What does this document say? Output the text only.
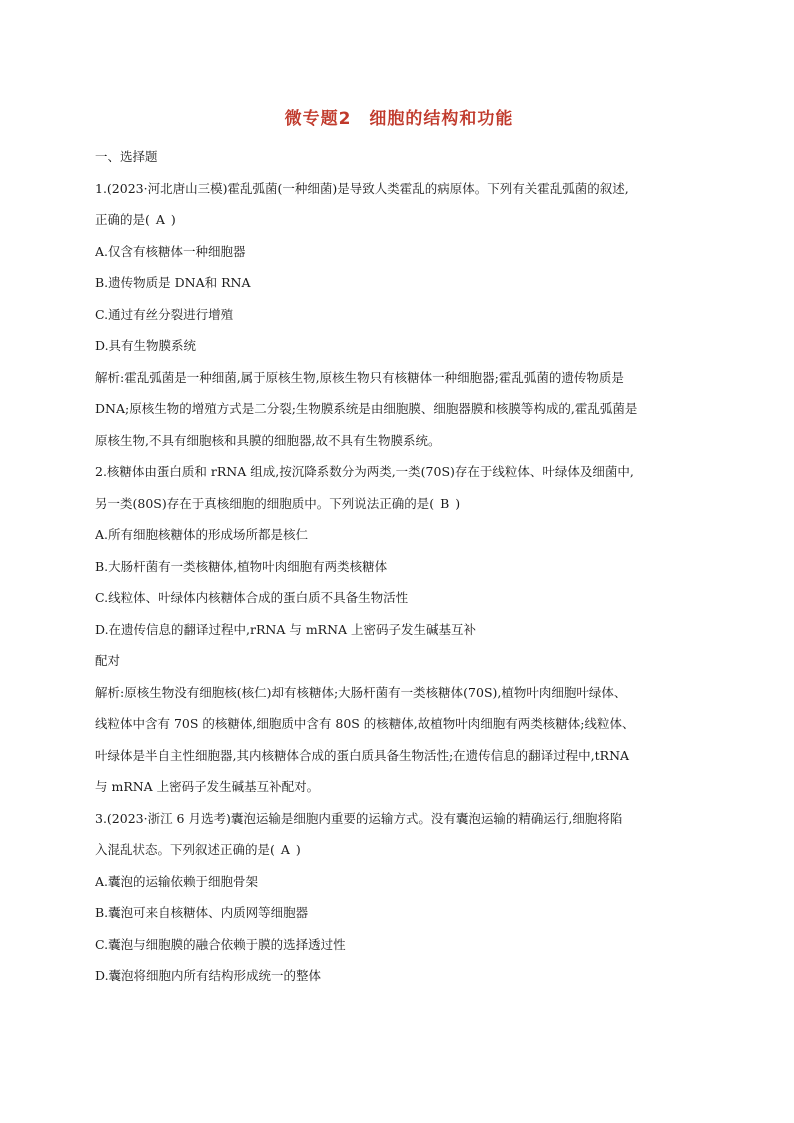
微专题2　细胞的结构和功能

一、选择题

1.(2023·河北唐山三模)霍乱弧菌(一种细菌)是导致人类霍乱的病原体。下列有关霍乱弧菌的叙述,

正确的是( A )

A.仅含有核糖体一种细胞器

B.遗传物质是 DNA和 RNA

C.通过有丝分裂进行增殖

D.具有生物膜系统

解析:霍乱弧菌是一种细菌,属于原核生物,原核生物只有核糖体一种细胞器;霍乱弧菌的遗传物质是

DNA;原核生物的增殖方式是二分裂;生物膜系统是由细胞膜、细胞器膜和核膜等构成的,霍乱弧菌是

原核生物,不具有细胞核和具膜的细胞器,故不具有生物膜系统。

2.核糖体由蛋白质和 rRNA 组成,按沉降系数分为两类,一类(70S)存在于线粒体、叶绿体及细菌中,

另一类(80S)存在于真核细胞的细胞质中。下列说法正确的是( B )

A.所有细胞核糖体的形成场所都是核仁

B.大肠杆菌有一类核糖体,植物叶肉细胞有两类核糖体

C.线粒体、叶绿体内核糖体合成的蛋白质不具备生物活性

D.在遗传信息的翻译过程中,rRNA 与 mRNA 上密码子发生碱基互补

配对

解析:原核生物没有细胞核(核仁)却有核糖体;大肠杆菌有一类核糖体(70S),植物叶肉细胞叶绿体、

线粒体中含有 70S 的核糖体,细胞质中含有 80S 的核糖体,故植物叶肉细胞有两类核糖体;线粒体、

叶绿体是半自主性细胞器,其内核糖体合成的蛋白质具备生物活性;在遗传信息的翻译过程中,tRNA

与 mRNA 上密码子发生碱基互补配对。

3.(2023·浙江 6 月选考)囊泡运输是细胞内重要的运输方式。没有囊泡运输的精确运行,细胞将陷

入混乱状态。下列叙述正确的是( A )

A.囊泡的运输依赖于细胞骨架

B.囊泡可来自核糖体、内质网等细胞器

C.囊泡与细胞膜的融合依赖于膜的选择透过性

D.囊泡将细胞内所有结构形成统一的整体
